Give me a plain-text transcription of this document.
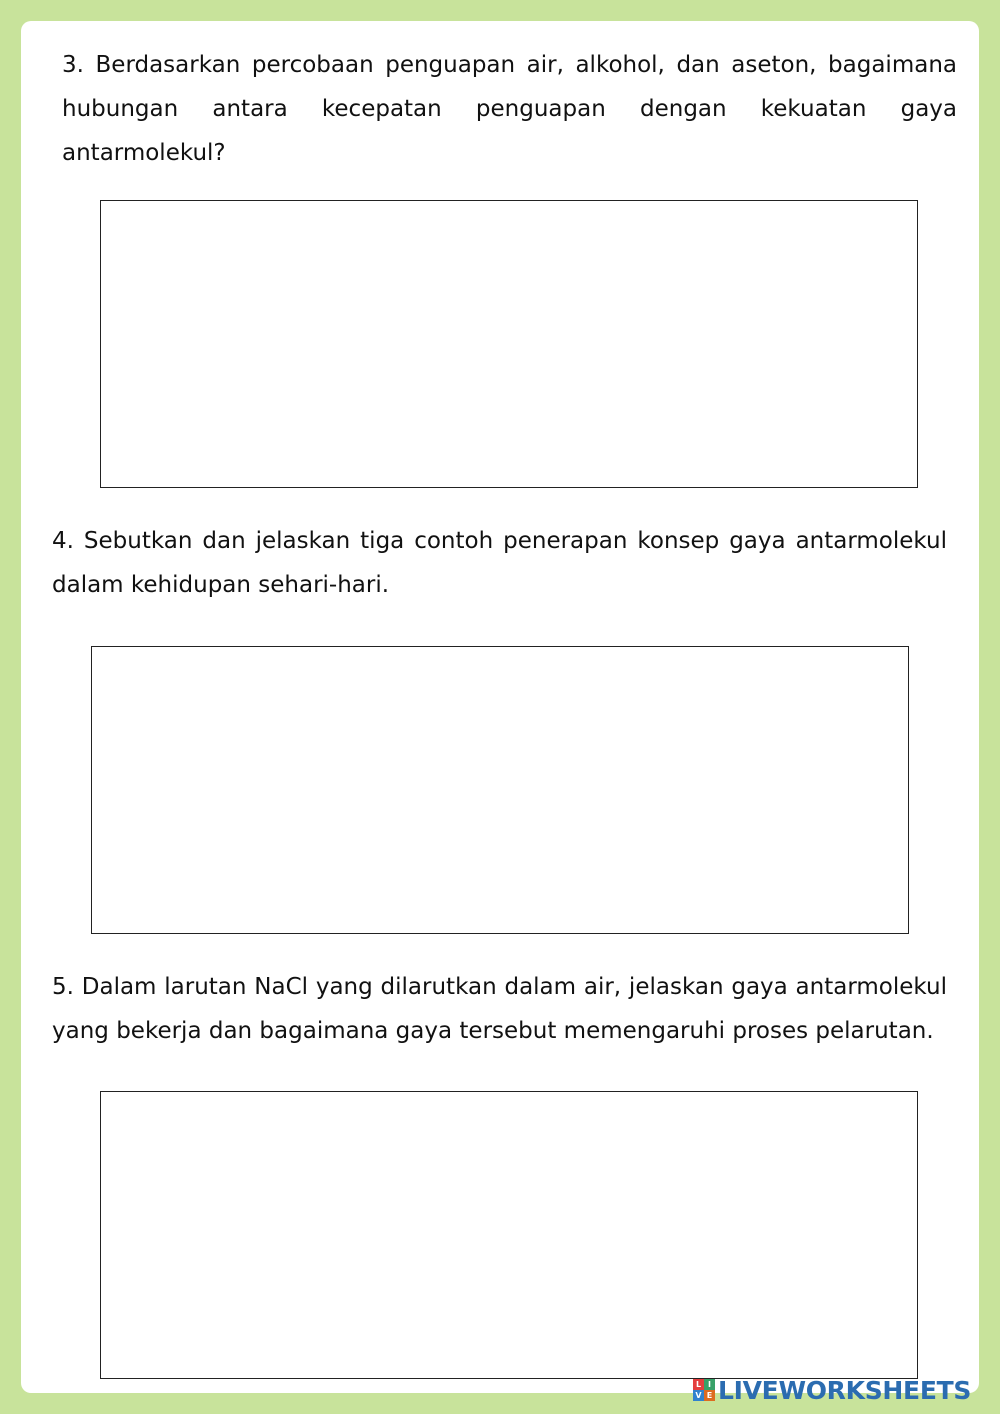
3. Berdasarkan percobaan penguapan air, alkohol, dan aseton, bagaimana hubungan antara kecepatan penguapan dengan kekuatan gaya antarmolekul?

4. Sebutkan dan jelaskan tiga contoh penerapan konsep gaya antarmolekul dalam kehidupan sehari-hari.

5. Dalam larutan NaCl yang dilarutkan dalam air, jelaskan gaya antarmolekul yang bekerja dan bagaimana gaya tersebut memengaruhi proses pelarutan.

L I
V E LIVEWORKSHEETS
